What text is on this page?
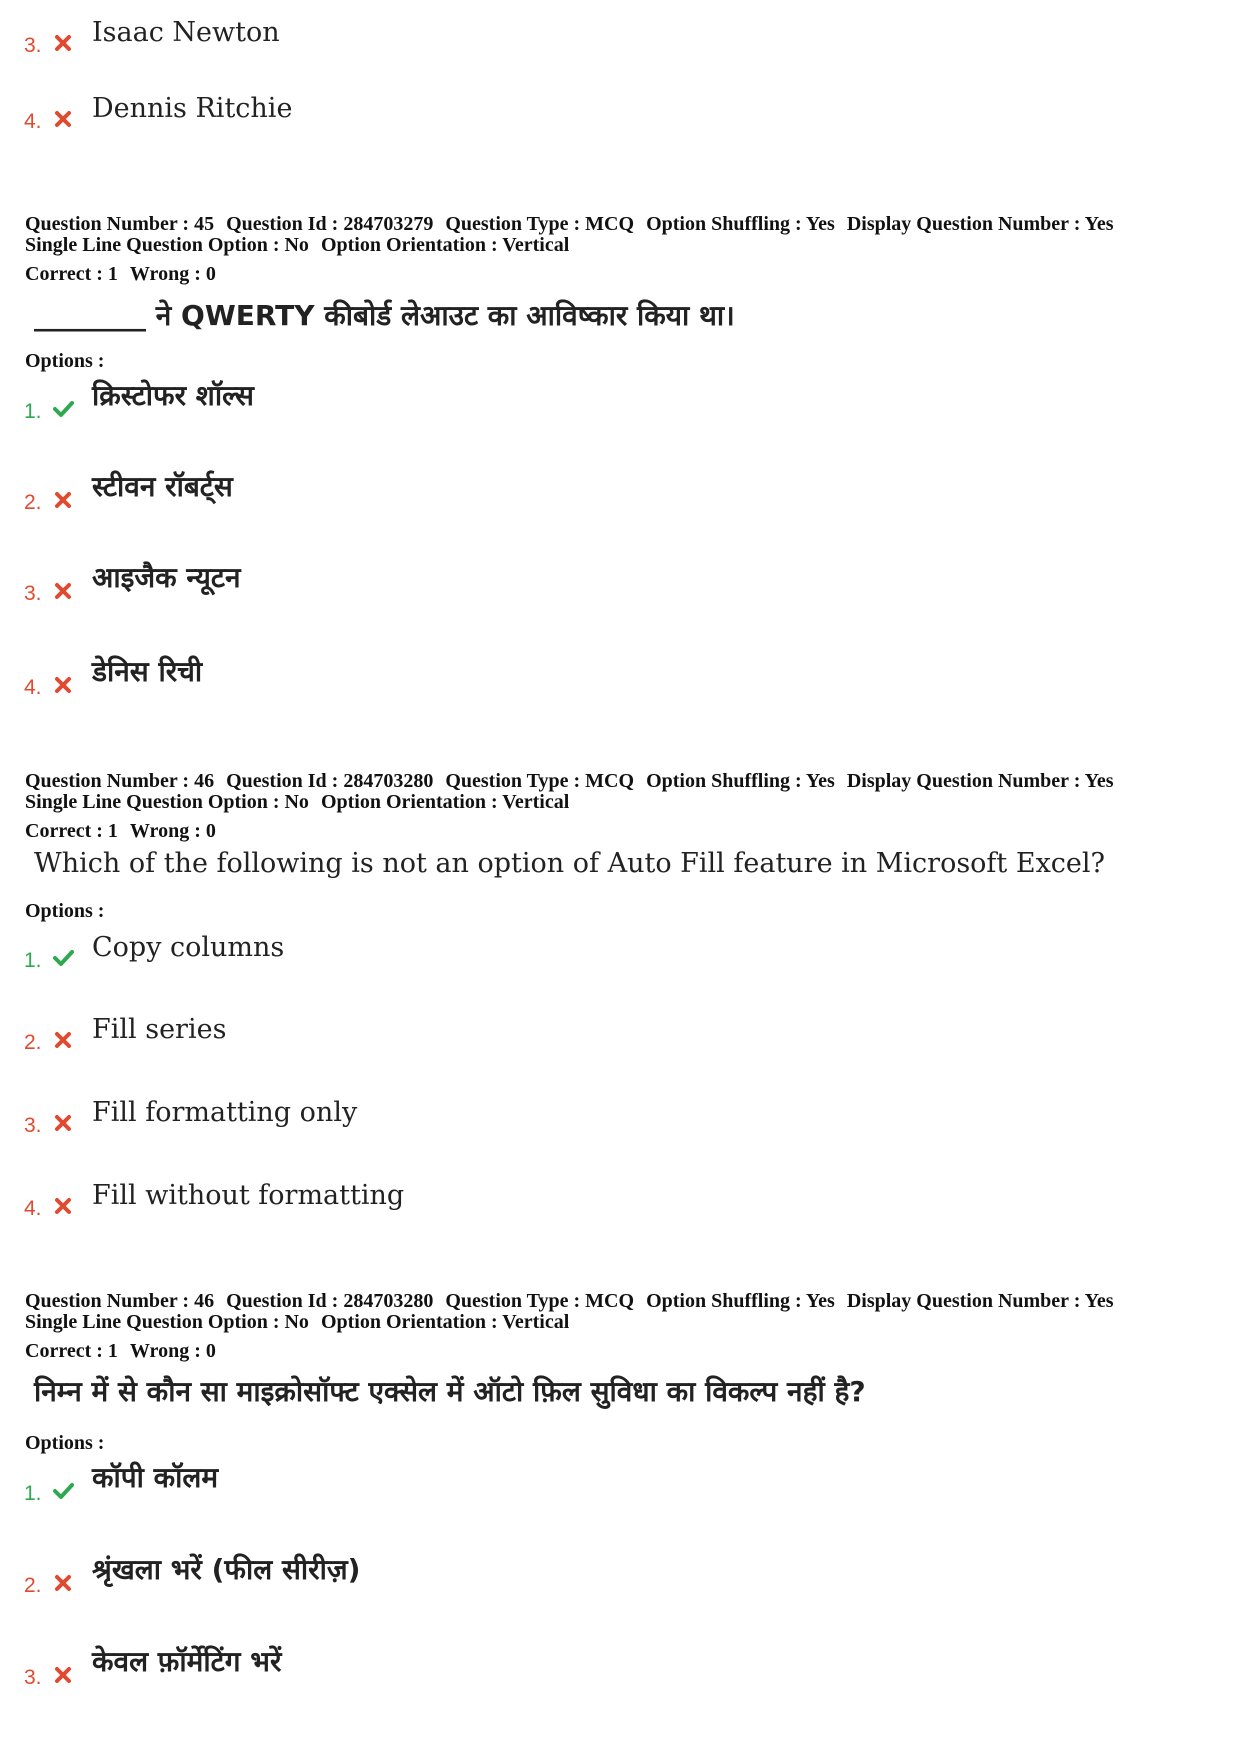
3. Isaac Newton
4. Dennis Ritchie
Question Number : 45 Question Id : 284703279 Question Type : MCQ Option Shuffling : Yes Display Question Number : Yes
Single Line Question Option : No Option Orientation : Vertical
Correct : 1 Wrong : 0
________ ने QWERTY कीबोर्ड लेआउट का आविष्कार किया था।
Options :
1. क्रिस्टोफर शॉल्स
2. स्टीवन रॉबर्ट्स
3. आइजैक न्यूटन
4. डेनिस रिची
Question Number : 46 Question Id : 284703280 Question Type : MCQ Option Shuffling : Yes Display Question Number : Yes
Single Line Question Option : No Option Orientation : Vertical
Correct : 1 Wrong : 0
Which of the following is not an option of Auto Fill feature in Microsoft Excel?
Options :
1. Copy columns
2. Fill series
3. Fill formatting only
4. Fill without formatting
Question Number : 46 Question Id : 284703280 Question Type : MCQ Option Shuffling : Yes Display Question Number : Yes
Single Line Question Option : No Option Orientation : Vertical
Correct : 1 Wrong : 0
निम्न में से कौन सा माइक्रोसॉफ्ट एक्सेल में ऑटो फ़िल सुविधा का विकल्प नहीं है?
Options :
1. कॉपी कॉलम
2. श्रृंखला भरें (फील सीरीज़)
3. केवल फ़ॉर्मेटिंग भरें
